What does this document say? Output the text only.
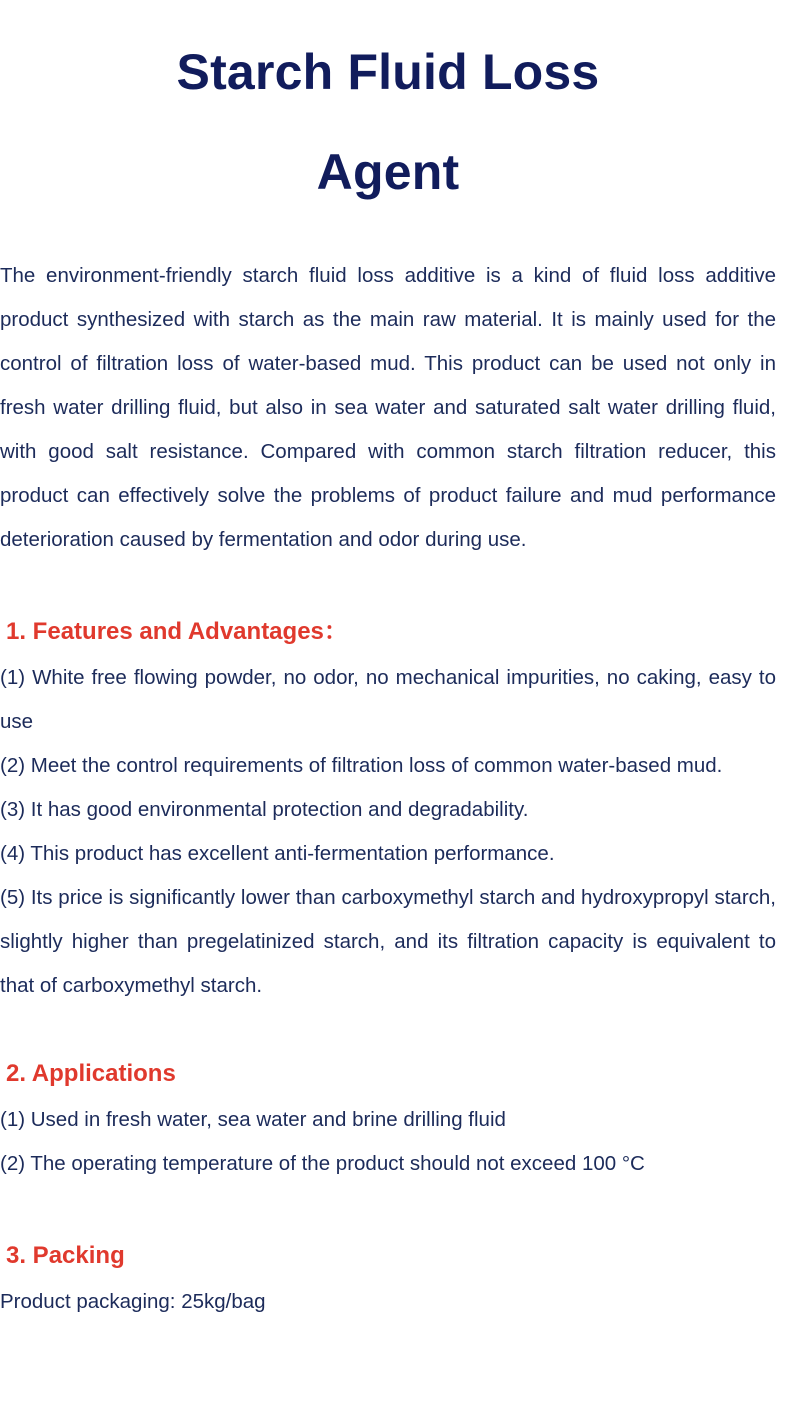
Starch Fluid Loss
Agent

The environment-friendly starch fluid loss additive is a kind of fluid loss additive product synthesized with starch as the main raw material. It is mainly used for the control of filtration loss of water-based mud. This product can be used not only in fresh water drilling fluid, but also in sea water and saturated salt water drilling fluid, with good salt resistance. Compared with common starch filtration reducer, this product can effectively solve the problems of product failure and mud performance deterioration caused by fermentation and odor during use.

1. Features and Advantages：
(1) White free flowing powder, no odor, no mechanical impurities, no caking, easy to use
(2) Meet the control requirements of filtration loss of common water-based mud.
(3) It has good environmental protection and degradability.
(4) This product has excellent anti-fermentation performance.
(5) Its price is significantly lower than carboxymethyl starch and hydroxypropyl starch, slightly higher than pregelatinized starch, and its filtration capacity is equivalent to that of carboxymethyl starch.
2. Applications
(1) Used in fresh water, sea water and brine drilling fluid
(2) The operating temperature of the product should not exceed 100 °C
3. Packing

Product packaging: 25kg/bag
